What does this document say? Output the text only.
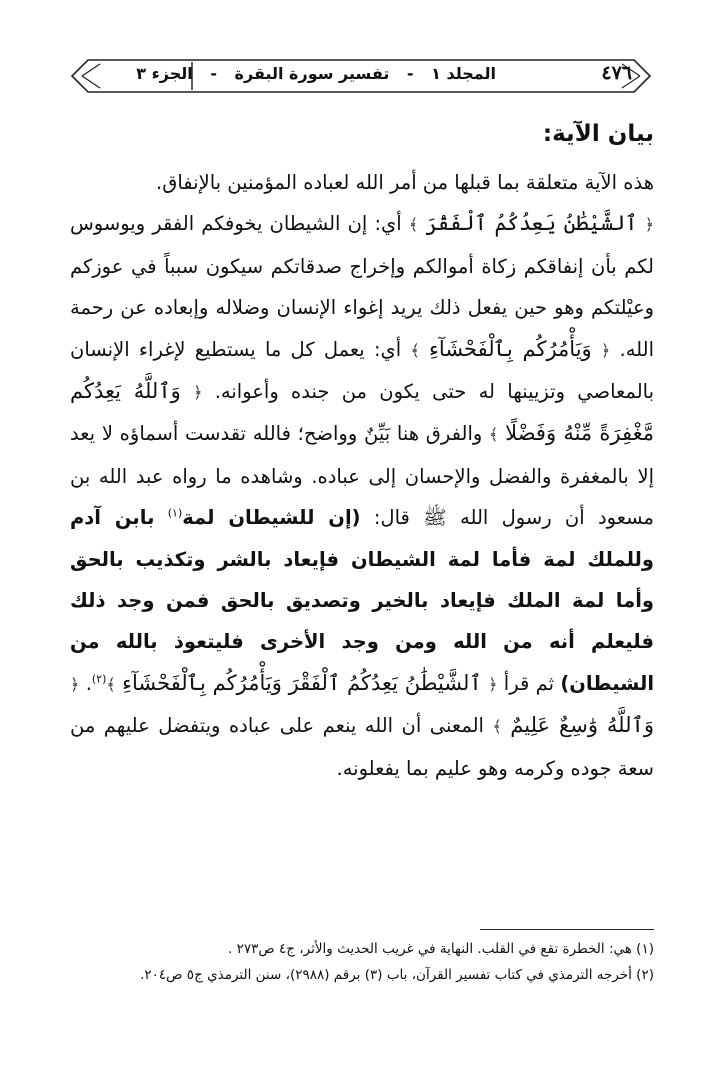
٤٧٦
المجلد ١ - تفسير سورة البقرة - الجزء ٣

بيان الآية:

هذه الآية متعلقة بما قبلها من أمر الله لعباده المؤمنين بالإنفاق.

﴿ ٱلشَّيْطَٰنُ يَعِدُكُمُ ٱلْفَقْرَ ﴾ أي: إن الشيطان يخوفكم الفقر ويوسوس لكم بأن إنفاقكم زكاة أموالكم وإخراج صدقاتكم سيكون سبباً في عوزكم وعيْلتكم وهو حين يفعل ذلك يريد إغواء الإنسان وضلاله وإبعاده عن رحمة الله. ﴿ وَيَأْمُرُكُم بِٱلْفَحْشَآءِ ﴾ أي: يعمل كل ما يستطيع لإغراء الإنسان بالمعاصي وتزيينها له حتى يكون من جنده وأعوانه. ﴿ وَٱللَّهُ يَعِدُكُم مَّغْفِرَةً مِّنْهُ وَفَضْلًا ﴾ والفرق هنا بَيِّنٌ وواضح؛ فالله تقدست أسماؤه لا يعد إلا بالمغفرة والفضل والإحسان إلى عباده. وشاهده ما رواه عبد الله بن مسعود أن رسول الله ﷺ قال: (إن للشيطان لمة$^{(١)}$ بابن آدم وللملك لمة فأما لمة الشيطان فإيعاد بالشر وتكذيب بالحق وأما لمة الملك فإيعاد بالخير وتصديق بالحق فمن وجد ذلك فليعلم أنه من الله ومن وجد الأخرى فليتعوذ بالله من الشيطان) ثم قرأ ﴿ ٱلشَّيْطَٰنُ يَعِدُكُمُ ٱلْفَقْرَ وَيَأْمُرُكُم بِٱلْفَحْشَآءِ ﴾$^{(٢)}$. ﴿ وَٱللَّهُ وَٰسِعٌ عَلِيمٌ ﴾ المعنى أن الله ينعم على عباده ويتفضل عليهم من سعة جوده وكرمه وهو عليم بما يفعلونه.

(١) هي: الخطرة تقع في القلب. النهاية في غريب الحديث والأثر، ج٤ ص٢٧٣ .

(٢) أخرجه الترمذي في كتاب تفسير القرآن، باب (٣) برقم (٢٩٨٨)، سنن الترمذي ج٥ ص٢٠٤.
